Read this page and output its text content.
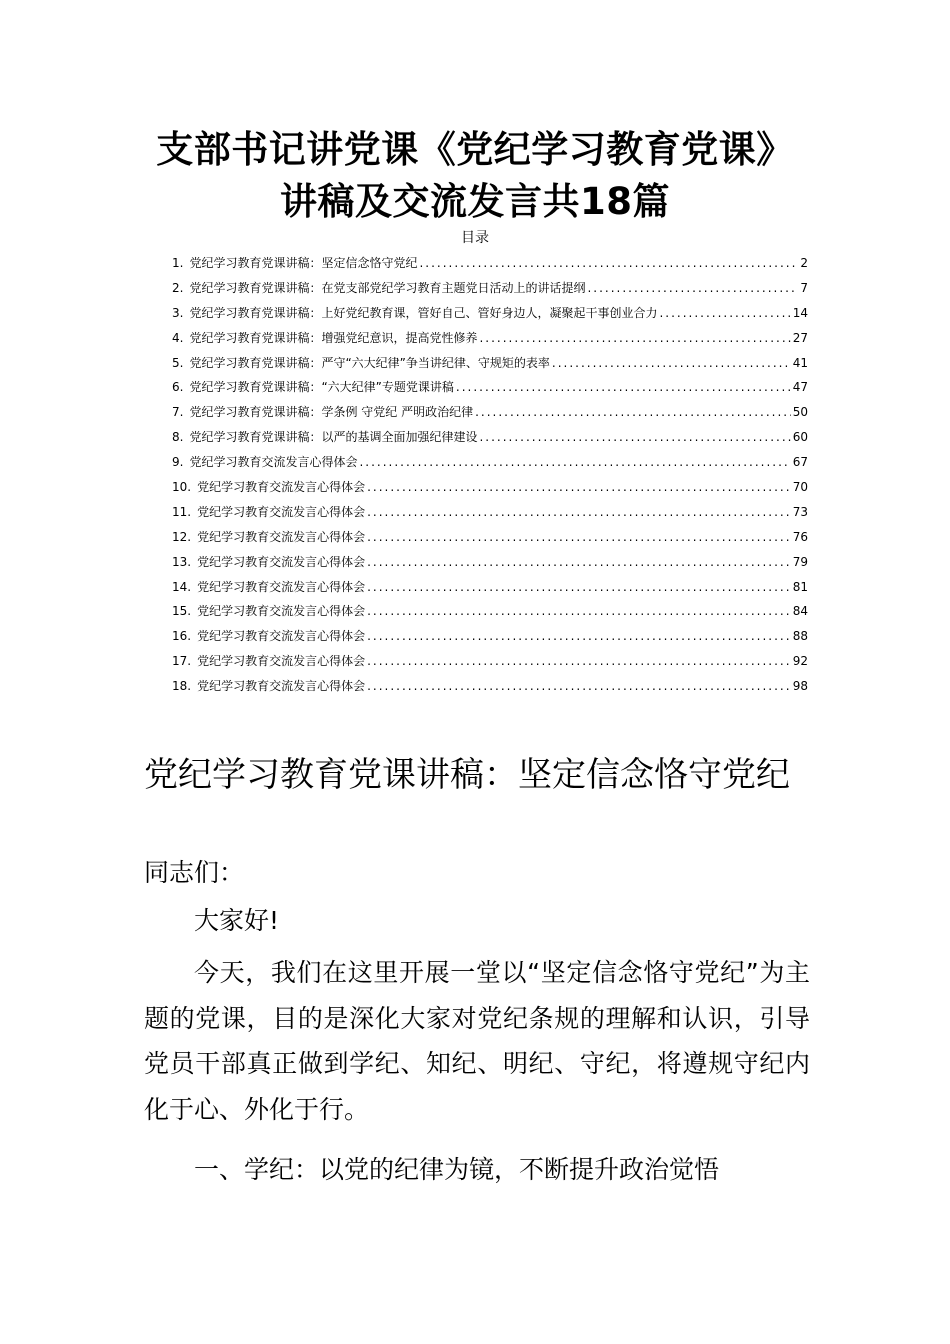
支部书记讲党课《党纪学习教育党课》讲稿及交流发言共18篇
目录
1. 党纪学习教育党课讲稿：坚定信念恪守党纪 .....	2
2. 党纪学习教育党课讲稿：在党支部党纪学习教育主题党日活动上的讲话提纲 .....	7
3. 党纪学习教育党课讲稿：上好党纪教育课，管好自己、管好身边人，凝聚起干事创业合力 .....	14
4. 党纪学习教育党课讲稿：增强党纪意识，提高党性修养 .....	27
5. 党纪学习教育党课讲稿：严守“六大纪律”争当讲纪律、守规矩的表率 .....	41
6. 党纪学习教育党课讲稿：“六大纪律”专题党课讲稿 .....	47
7. 党纪学习教育党课讲稿：学条例 守党纪 严明政治纪律 .....	50
8. 党纪学习教育党课讲稿：以严的基调全面加强纪律建设 .....	60
9. 党纪学习教育交流发言心得体会 .....	67
10. 党纪学习教育交流发言心得体会 .....	70
11. 党纪学习教育交流发言心得体会 .....	73
12. 党纪学习教育交流发言心得体会 .....	76
13. 党纪学习教育交流发言心得体会 .....	79
14. 党纪学习教育交流发言心得体会 .....	81
15. 党纪学习教育交流发言心得体会 .....	84
16. 党纪学习教育交流发言心得体会 .....	88
17. 党纪学习教育交流发言心得体会 .....	92
18. 党纪学习教育交流发言心得体会 .....	98
党纪学习教育党课讲稿：坚定信念恪守党纪
同志们：
大家好!
今天，我们在这里开展一堂以“坚定信念恪守党纪”为主题的党课，目的是深化大家对党纪条规的理解和认识，引导党员干部真正做到学纪、知纪、明纪、守纪，将遵规守纪内化于心、外化于行。
一、学纪：以党的纪律为镜，不断提升政治觉悟
